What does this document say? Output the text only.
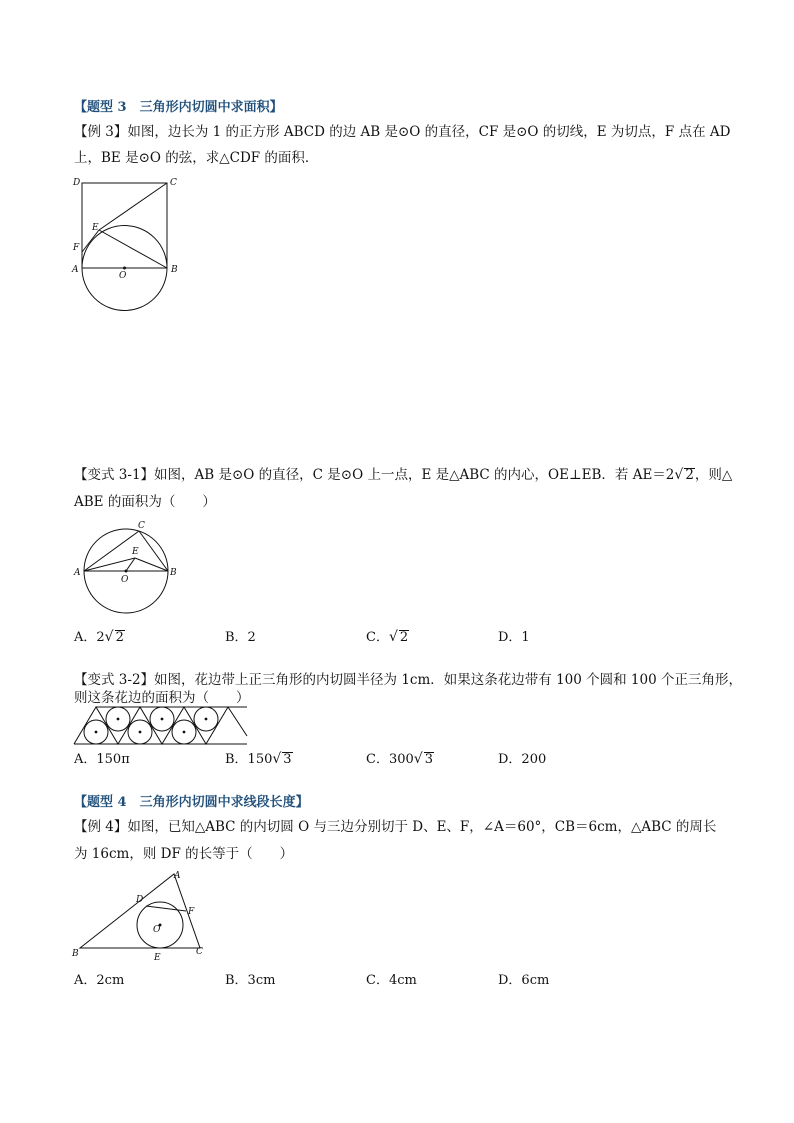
【题型 3　三角形内切圆中求面积】
【例 3】如图，边长为 1 的正方形 ABCD 的边 AB 是⊙O 的直径，CF 是⊙O 的切线，E 为切点，F 点在 AD
上，BE 是⊙O 的弦，求△CDF 的面积．
D	C
E
F
A
O
B
【变式 3-1】如图，AB 是⊙O 的直径，C 是⊙O 上一点，E 是△ABC 的内心，OE⊥EB．若 AE＝2√ 2，则△
ABE 的面积为（　　）
C
E
A
O
B
A．2√ 2	B．2	C．√ 2	D．1
【变式 3-2】如图，花边带上正三角形的内切圆半径为 1cm．如果这条花边带有 100 个圆和 100 个正三角形，
则这条花边的面积为（　　）
A．150π	B．150√ 3	C．300√ 3	D．200
【题型 4　三角形内切圆中求线段长度】
【例 4】如图，已知△ABC 的内切圆 O 与三边分别切于 D、E、F，∠A＝60°，CB＝6cm，△ABC 的周长
为 16cm，则 DF 的长等于（　　）
A
D
F
O
B	E
C
A．2cm	B．3cm	C．4cm	D．6cm
